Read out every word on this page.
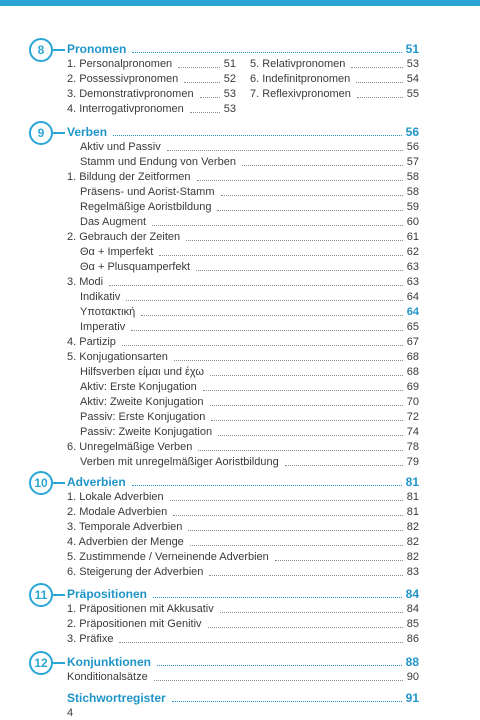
8 Pronomen	51
1. Personalpronomen	51
2. Possessivpronomen	52
3. Demonstrativpronomen	53
4. Interrogativpronomen	53
5. Relativpronomen	53
6. Indefinitpronomen	54
7. Reflexivpronomen	55
9 Verben	56
Aktiv und Passiv	56
Stamm und Endung von Verben	57
1. Bildung der Zeitformen	58
Präsens- und Aorist-Stamm	58
Regelmäßige Aoristbildung	59
Das Augment	60
2. Gebrauch der Zeiten	61
Θα + Imperfekt	62
Θα + Plusquamperfekt	63
3. Modi	63
Indikativ	64
Υποτακτική	64
Imperativ	65
4. Partizip	67
5. Konjugationsarten	68
Hilfsverben είμαι und έχω	68
Aktiv: Erste Konjugation	69
Aktiv: Zweite Konjugation	70
Passiv: Erste Konjugation	72
Passiv: Zweite Konjugation	74
6. Unregelmäßige Verben	78
Verben mit unregelmäßiger Aoristbildung	79
10 Adverbien	81
1. Lokale Adverbien	81
2. Modale Adverbien	81
3. Temporale Adverbien	82
4. Adverbien der Menge	82
5. Zustimmende / Verneinende Adverbien	82
6. Steigerung der Adverbien	83
11 Präpositionen	84
1. Präpositionen mit Akkusativ	84
2. Präpositionen mit Genitiv	85
3. Präfixe	86
12 Konjunktionen	88
Konditionalsätze	90
Stichwortregister	91
4
